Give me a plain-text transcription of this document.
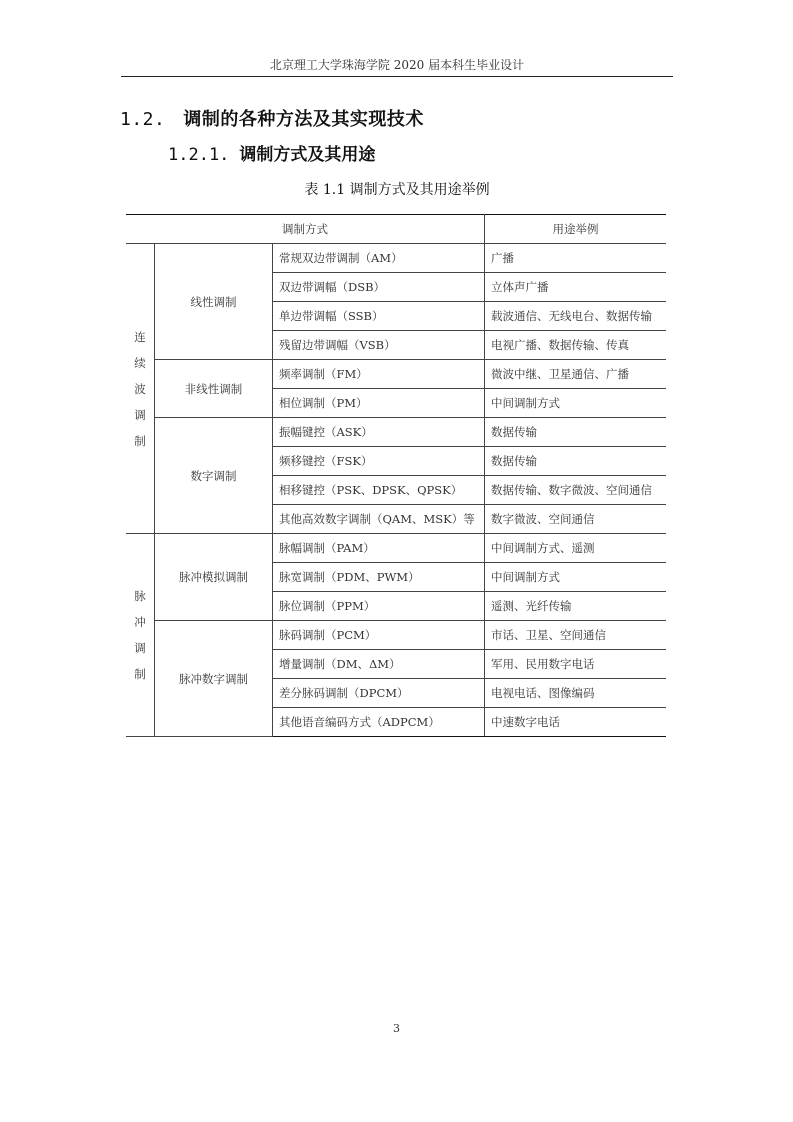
北京理工大学珠海学院 2020 届本科生毕业设计
1.2. 调制的各种方法及其实现技术
1.2.1. 调制方式及其用途
表 1.1 调制方式及其用途举例
调制方式			用途举例
连续波调制	线性调制	常规双边带调制（AM）	广播
		双边带调幅（DSB）	立体声广播
		单边带调幅（SSB）	载波通信、无线电台、数据传输
		残留边带调幅（VSB）	电视广播、数据传输、传真
	非线性调制	频率调制（FM）	微波中继、卫星通信、广播
		相位调制（PM）	中间调制方式
	数字调制	振幅键控（ASK）	数据传输
		频移键控（FSK）	数据传输
		相移键控（PSK、DPSK、QPSK）	数据传输、数字微波、空间通信
		其他高效数字调制（QAM、MSK）等	数字微波、空间通信
脉冲调制	脉冲模拟调制	脉幅调制（PAM）	中间调制方式、遥测
		脉宽调制（PDM、PWM）	中间调制方式
		脉位调制（PPM）	遥测、光纤传输
	脉冲数字调制	脉码调制（PCM）	市话、卫星、空间通信
		增量调制（DM、ΔM）	军用、民用数字电话
		差分脉码调制（DPCM）	电视电话、图像编码
		其他语音编码方式（ADPCM）	中速数字电话
3
